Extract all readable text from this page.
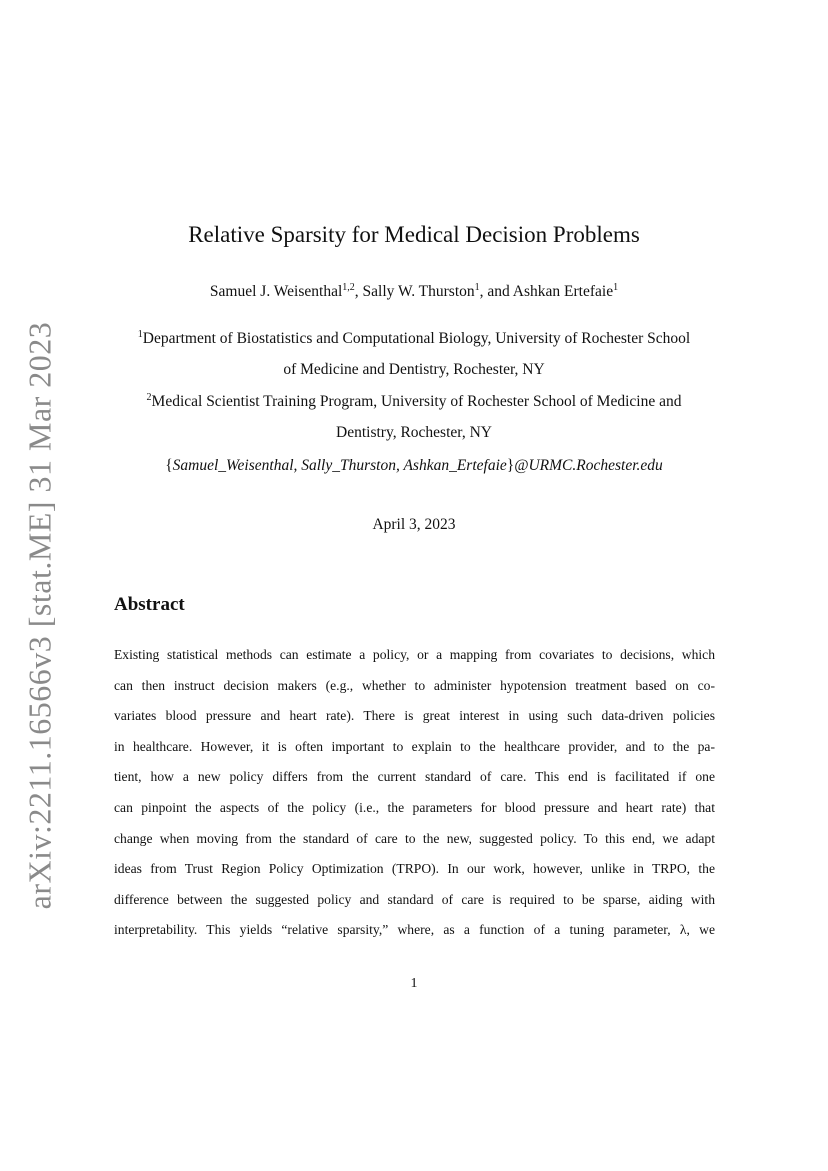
arXiv:2211.16566v3 [stat.ME] 31 Mar 2023
Relative Sparsity for Medical Decision Problems
Samuel J. Weisenthal$^{1,2}$, Sally W. Thurston$^1$, and Ashkan Ertefaie$^1$
$^1$Department of Biostatistics and Computational Biology, University of Rochester School
of Medicine and Dentistry, Rochester, NY
$^2$Medical Scientist Training Program, University of Rochester School of Medicine and
Dentistry, Rochester, NY
{Samuel_Weisenthal, Sally_Thurston, Ashkan_Ertefaie}@URMC.Rochester.edu
April 3, 2023
Abstract
Existing statistical methods can estimate a policy, or a mapping from covariates to decisions, which
can then instruct decision makers (e.g., whether to administer hypotension treatment based on co-
variates blood pressure and heart rate). There is great interest in using such data-driven policies
in healthcare. However, it is often important to explain to the healthcare provider, and to the pa-
tient, how a new policy differs from the current standard of care. This end is facilitated if one
can pinpoint the aspects of the policy (i.e., the parameters for blood pressure and heart rate) that
change when moving from the standard of care to the new, suggested policy. To this end, we adapt
ideas from Trust Region Policy Optimization (TRPO). In our work, however, unlike in TRPO, the
difference between the suggested policy and standard of care is required to be sparse, aiding with
interpretability. This yields “relative sparsity,” where, as a function of a tuning parameter, λ, we
1
